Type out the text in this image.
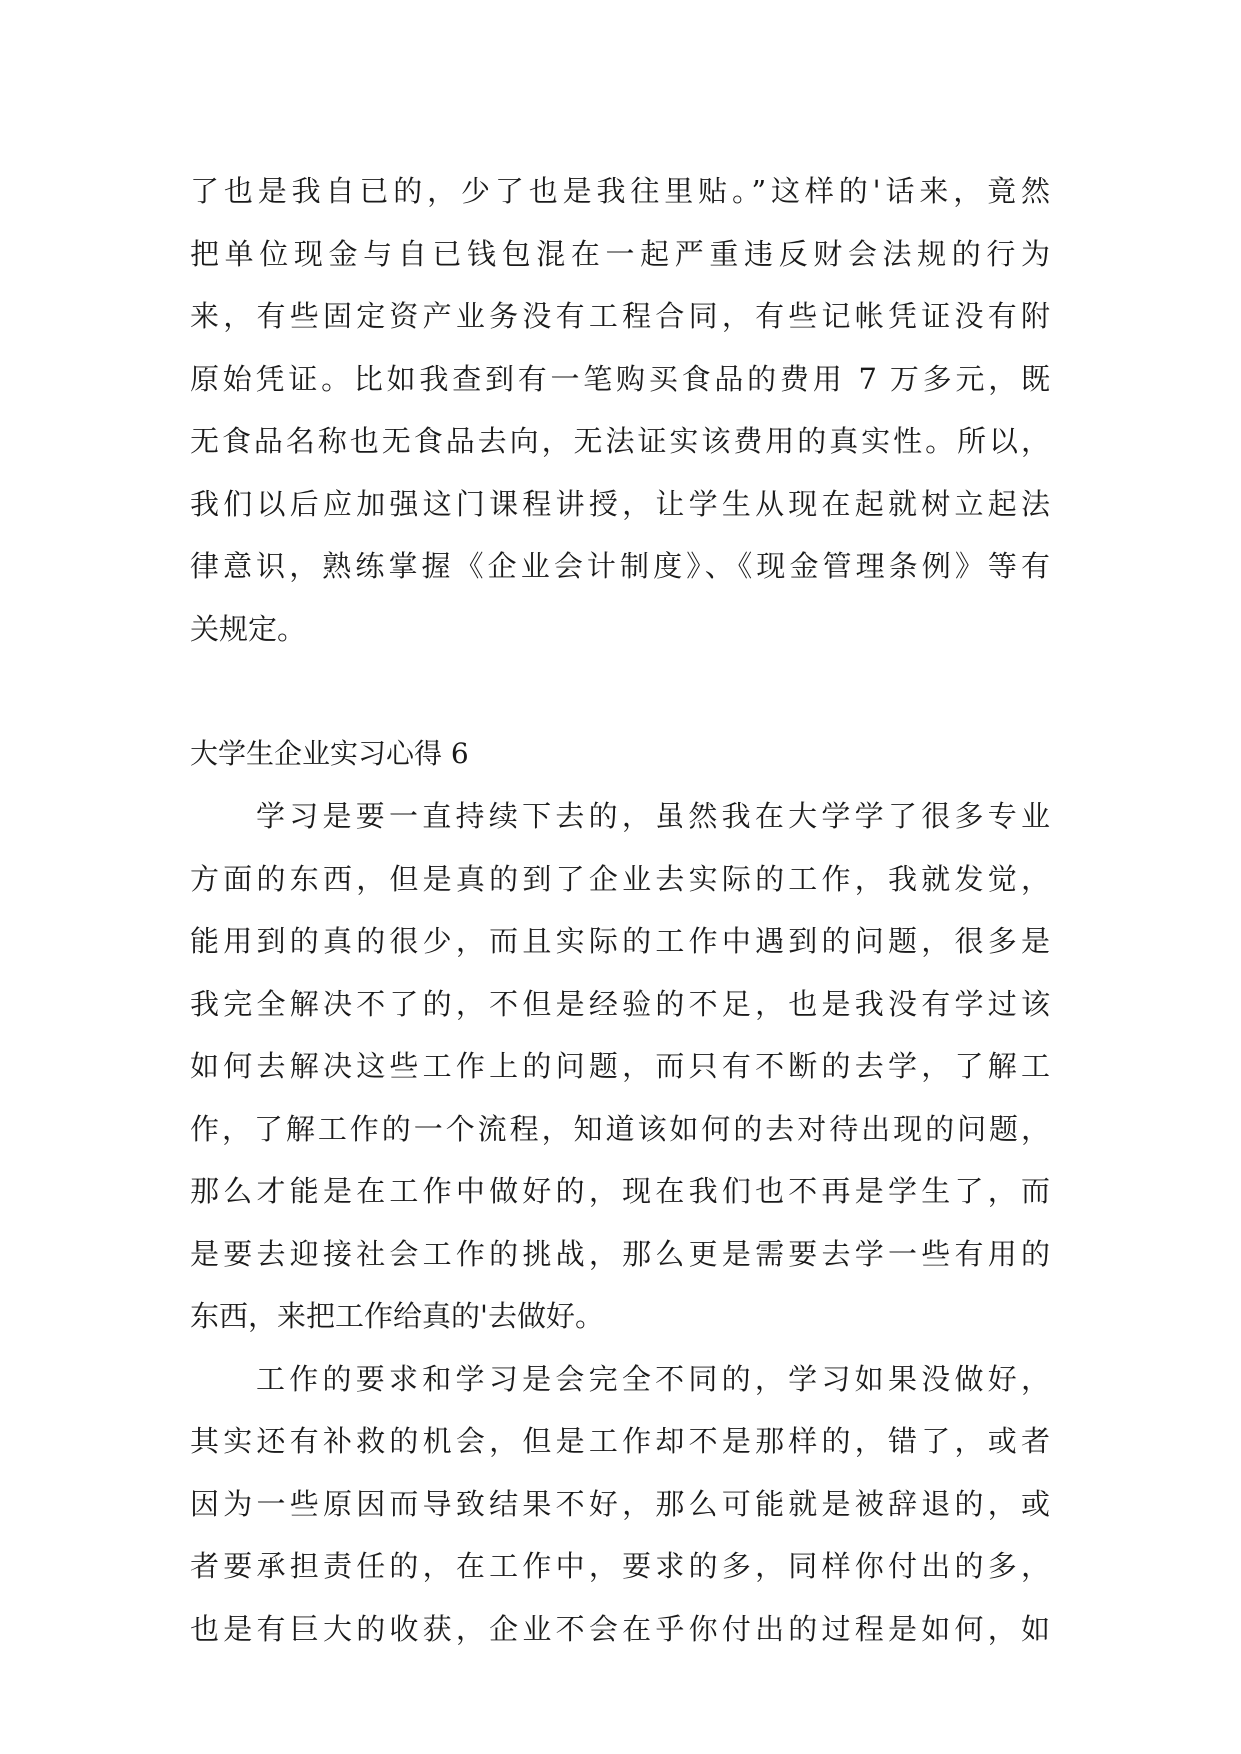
了也是我自已的，少了也是我往里贴。”这样的'话来，竟然
把单位现金与自已钱包混在一起严重违反财会法规的行为
来，有些固定资产业务没有工程合同，有些记帐凭证没有附
原始凭证。比如我查到有一笔购买食品的费用 7 万多元，既
无食品名称也无食品去向，无法证实该费用的真实性。所以，
我们以后应加强这门课程讲授，让学生从现在起就树立起法
律意识，熟练掌握《企业会计制度》、《现金管理条例》等有
关规定。
大学生企业实习心得 6
学习是要一直持续下去的，虽然我在大学学了很多专业
方面的东西，但是真的到了企业去实际的工作，我就发觉，
能用到的真的很少，而且实际的工作中遇到的问题，很多是
我完全解决不了的，不但是经验的不足，也是我没有学过该
如何去解决这些工作上的问题，而只有不断的去学，了解工
作，了解工作的一个流程，知道该如何的去对待出现的问题，
那么才能是在工作中做好的，现在我们也不再是学生了，而
是要去迎接社会工作的挑战，那么更是需要去学一些有用的
东西，来把工作给真的'去做好。
工作的要求和学习是会完全不同的，学习如果没做好，
其实还有补救的机会，但是工作却不是那样的，错了，或者
因为一些原因而导致结果不好，那么可能就是被辞退的，或
者要承担责任的，在工作中，要求的多，同样你付出的多，
也是有巨大的收获，企业不会在乎你付出的过程是如何，如
